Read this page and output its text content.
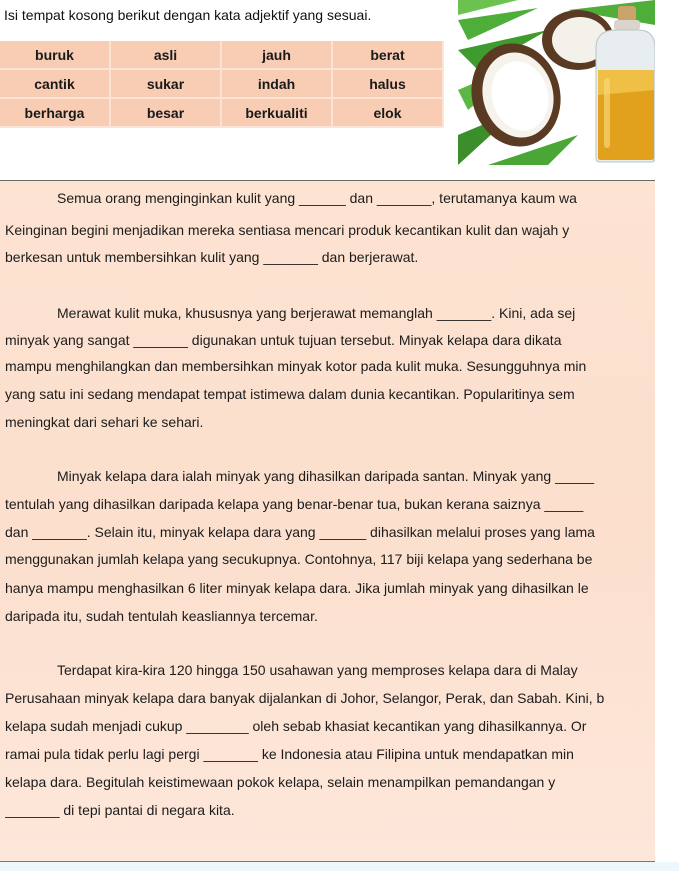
Isi tempat kosong berikut dengan kata adjektif yang sesuai.
buruk	asli	jauh	berat
cantik	sukar	indah	halus
berharga	besar	berkualiti	elok
Semua orang menginginkan kulit yang ______ dan _______, terutamanya kaum wa
Keinginan begini menjadikan mereka sentiasa mencari produk kecantikan kulit dan wajah y
berkesan untuk membersihkan kulit yang _______ dan berjerawat.
Merawat kulit muka, khususnya yang berjerawat memanglah _______. Kini, ada sej
minyak yang sangat _______ digunakan untuk tujuan tersebut. Minyak kelapa dara dikata
mampu menghilangkan dan membersihkan minyak kotor pada kulit muka. Sesungguhnya min
yang satu ini sedang mendapat tempat istimewa dalam dunia kecantikan. Popularitinya sem
meningkat dari sehari ke sehari.
Minyak kelapa dara ialah minyak yang dihasilkan daripada santan. Minyak yang _____
tentulah yang dihasilkan daripada kelapa yang benar-benar tua, bukan kerana saiznya _____
dan _______. Selain itu, minyak kelapa dara yang ______ dihasilkan melalui proses yang lama
menggunakan jumlah kelapa yang secukupnya. Contohnya, 117 biji kelapa yang sederhana be
hanya mampu menghasilkan 6 liter minyak kelapa dara. Jika jumlah minyak yang dihasilkan le
daripada itu, sudah tentulah keasliannya tercemar.
Terdapat kira-kira 120 hingga 150 usahawan yang memproses kelapa dara di Malay
Perusahaan minyak kelapa dara banyak dijalankan di Johor, Selangor, Perak, dan Sabah. Kini, b
kelapa sudah menjadi cukup ________ oleh sebab khasiat kecantikan yang dihasilkannya. Or
ramai pula tidak perlu lagi pergi _______ ke Indonesia atau Filipina untuk mendapatkan min
kelapa dara. Begitulah keistimewaan pokok kelapa, selain menampilkan pemandangan y
_______ di tepi pantai di negara kita.
